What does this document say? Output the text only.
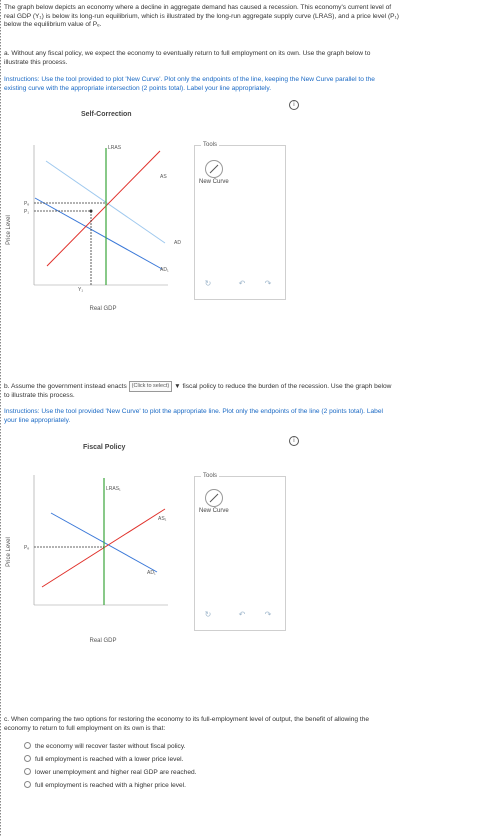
The graph below depicts an economy where a decline in aggregate demand has caused a recession. This economy's current level of
real GDP (Y₁) is below its long-run equilibrium, which is illustrated by the long-run aggregate supply curve (LRAS), and a price level (P₁)
below the equilibrium value of Pₑ.
a. Without any fiscal policy, we expect the economy to eventually return to full employment on its own. Use the graph below to
illustrate this process.
Instructions: Use the tool provided to plot 'New Curve'. Plot only the endpoints of the line, keeping the New Curve parallel to the
existing curve with the appropriate intersection (2 points total). Label your line appropriately.
i
Self-Correction
Price Level
LRAS
AS
AD
AD₁
Pₑ
P₁
Y₁
Real GDP
Tools
New Curve
↻	↶ ↷
b. Assume the government instead enacts (Click to select) ▼ fiscal policy to reduce the burden of the recession. Use the graph below
to illustrate this process.
Instructions: Use the tool provided 'New Curve' to plot the appropriate line. Plot only the endpoints of the line (2 points total). Label
your line appropriately.
i
Fiscal Policy
Price Level
LRAS₁
AS₁
AD₁
Pₑ
Real GDP
Tools
New Curve
↻	↶ ↷
c. When comparing the two options for restoring the economy to its full-employment level of output, the benefit of allowing the
economy to return to full employment on its own is that:
the economy will recover faster without fiscal policy.
full employment is reached with a lower price level.
lower unemployment and higher real GDP are reached.
full employment is reached with a higher price level.
